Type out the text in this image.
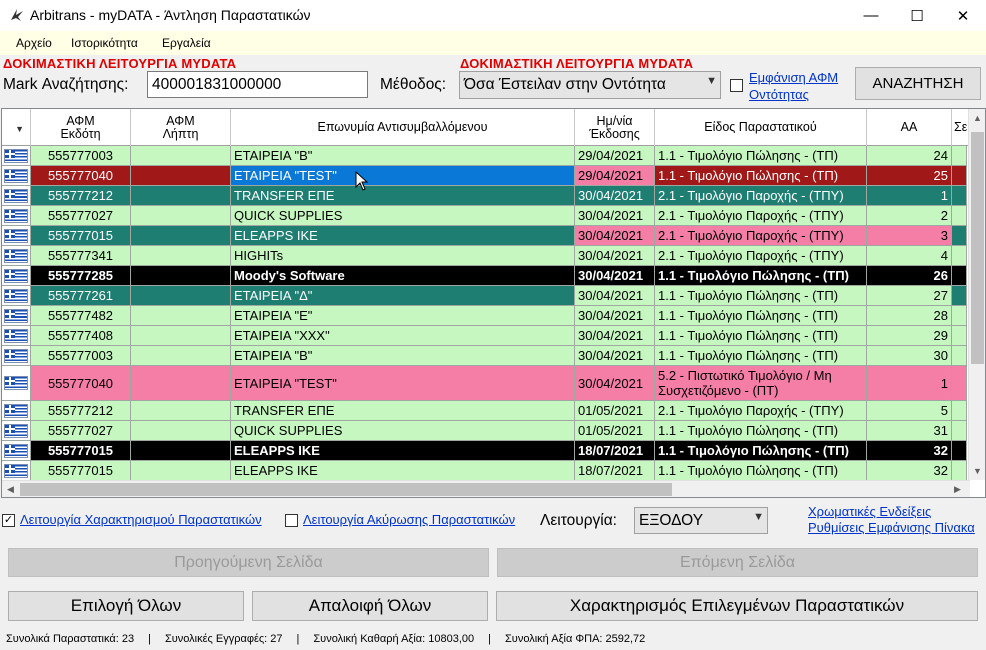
Arbitrans - myDATA - Άντληση Παραστατικών	—	☐	✕
Αρχείο Ιστορικότητα Εργαλεία
ΔΟΚΙΜΑΣΤΙΚΗ ΛΕΙΤΟΥΡΓΙΑ MYDATA	ΔΟΚΙΜΑΣΤΙΚΗ ΛΕΙΤΟΥΡΓΙΑ MYDATA
Mark Αναζήτησης:
400001831000000	Μέθοδος:	Όσα Έστειλαν στην Οντότητα	▼ Εμφάνιση ΑΦΜ
Οντότητας
ΑΝΑΖΗΤΗΣΗ
▼
ΑΦΜ
Εκδότη
ΑΦΜ
Λήπτη	Επωνυμία Αντισυμβαλλόμενου	Ημ/νία
Έκδοσης	Είδος Παραστατικού	ΑΑ	Σε
555777003	ΕΤΑΙΡΕΙΑ "Β"	29/04/2021	1.1 - Τιμολόγιο Πώλησης - (ΤΠ)	24
555777040	ΕΤΑΙΡΕΙΑ "TEST"	29/04/2021	1.1 - Τιμολόγιο Πώλησης - (ΤΠ)	25
555777212	TRANSFER ΕΠΕ	30/04/2021	2.1 - Τιμολόγιο Παροχής - (ΤΠΥ)	1
555777027	QUICK SUPPLIES	30/04/2021	2.1 - Τιμολόγιο Παροχής - (ΤΠΥ)	2
555777015	ELEAPPS IKE	30/04/2021	2.1 - Τιμολόγιο Παροχής - (ΤΠΥ)	3
555777341	HIGHITs	30/04/2021	2.1 - Τιμολόγιο Παροχής - (ΤΠΥ)	4
555777285	Moody's Software	30/04/2021	1.1 - Τιμολόγιο Πώλησης - (ΤΠ)	26
555777261	ΕΤΑΙΡΕΙΑ "Δ"	30/04/2021	1.1 - Τιμολόγιο Πώλησης - (ΤΠ)	27
555777482	ΕΤΑΙΡΕΙΑ "Ε"	30/04/2021	1.1 - Τιμολόγιο Πώλησης - (ΤΠ)	28
555777408	ΕΤΑΙΡΕΙΑ "ΧΧΧ"	30/04/2021	1.1 - Τιμολόγιο Πώλησης - (ΤΠ)	29
555777003	ΕΤΑΙΡΕΙΑ "Β"	30/04/2021	1.1 - Τιμολόγιο Πώλησης - (ΤΠ)	30
555777040	ΕΤΑΙΡΕΙΑ "TEST"	30/04/2021	5.2 - Πιστωτικό Τιμολόγιο / Μη Συσχετιζόμενο - (ΠΤ)	1
555777212	TRANSFER ΕΠΕ	01/05/2021	2.1 - Τιμολόγιο Παροχής - (ΤΠΥ)	5
555777027	QUICK SUPPLIES	01/05/2021	1.1 - Τιμολόγιο Πώλησης - (ΤΠ)	31
555777015	ELEAPPS IKE	18/07/2021	1.1 - Τιμολόγιο Πώλησης - (ΤΠ)	32
555777015	ELEAPPS IKE	18/07/2021	1.1 - Τιμολόγιο Πώλησης - (ΤΠ)	32
▲
▼
◀	▶
✓ Λειτουργία Χαρακτηρισμού Παραστατικών	Λειτουργία Ακύρωσης Παραστατικών Λειτουργία:	ΕΞΟΔΟΥ	▼	Χρωματικές Ενδείξεις
Ρυθμίσεις Εμφάνισης Πίνακα
Προηγούμενη Σελίδα	Επόμενη Σελίδα
Επιλογή Όλων	Απαλοιφή Όλων	Χαρακτηρισμός Επιλεγμένων Παραστατικών
Συνολικά Παραστατικά: 23 | Συνολικές Εγγραφές: 27 | Συνολική Καθαρή Αξία: 10803,00 | Συνολική Αξία ΦΠΑ: 2592,72
